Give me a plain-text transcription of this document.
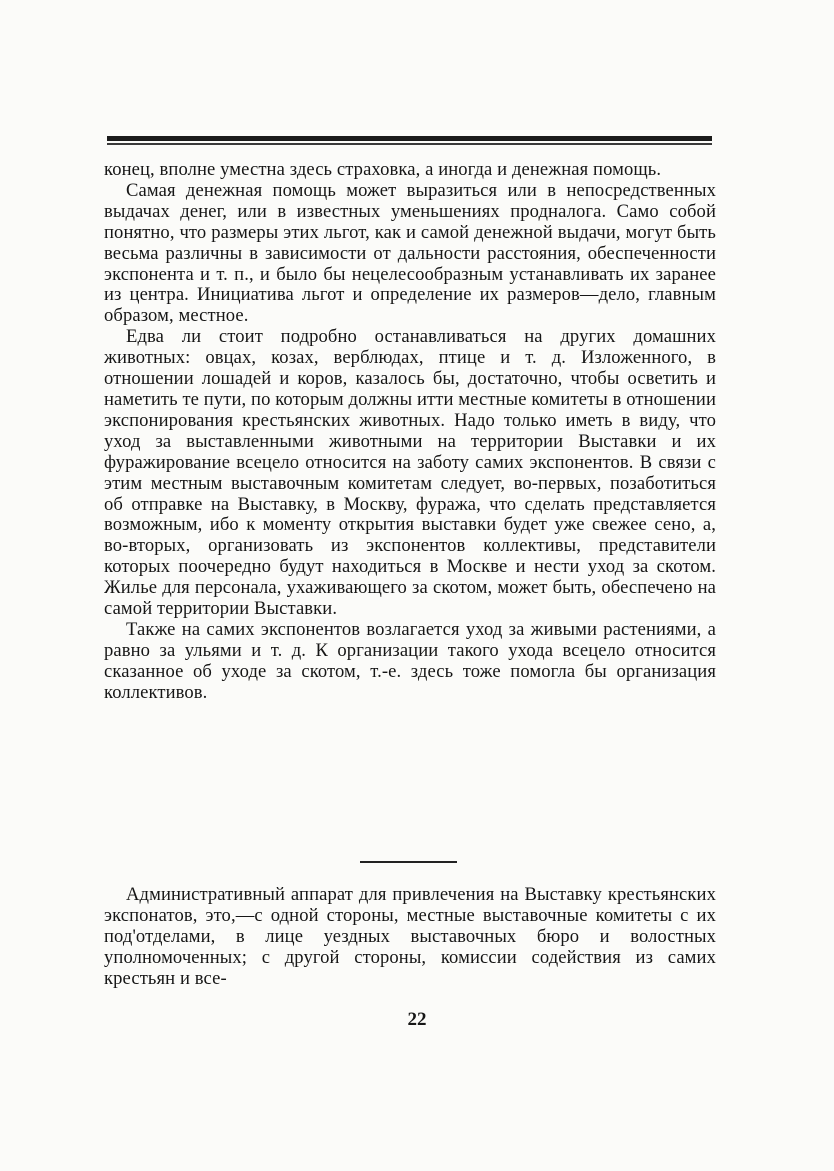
конец, вполне уместна здесь страховка, а иногда и денежная помощь.

Самая денежная помощь может выразиться или в непосредственных выдачах денег, или в известных уменьшениях продналога. Само собой понятно, что размеры этих льгот, как и самой денежной выдачи, могут быть весьма различны в зависимости от дальности расстояния, обеспеченности экспонента и т. п., и было бы нецелесообразным устанавливать их заранее из центра. Инициатива льгот и определение их размеров—дело, главным образом, местное.

Едва ли стоит подробно останавливаться на других домашних животных: овцах, козах, верблюдах, птице и т. д. Изложенного, в отношении лошадей и коров, казалось бы, достаточно, чтобы осветить и наметить те пути, по которым должны итти местные комитеты в отношении экспонирования крестьянских животных. Надо только иметь в виду, что уход за выставленными животными на территории Выставки и их фуражирование всецело относится на заботу самих экспонентов. В связи с этим местным выставочным комитетам следует, во-первых, позаботиться об отправке на Выставку, в Москву, фуража, что сделать представляется возможным, ибо к моменту открытия выставки будет уже свежее сено, а, во-вторых, организовать из экспонентов коллективы, представители которых поочередно будут находиться в Москве и нести уход за скотом. Жилье для персонала, ухаживающего за скотом, может быть, обеспечено на самой территории Выставки.

Также на самих экспонентов возлагается уход за живыми растениями, а равно за ульями и т. д. К организации такого ухода всецело относится сказанное об уходе за скотом, т.-е. здесь тоже помогла бы организация коллективов.

Административный аппарат для привлечения на Выставку крестьянских экспонатов, это,—с одной стороны, местные выставочные комитеты с их под'отделами, в лице уездных выставочных бюро и волостных уполномоченных; с другой стороны, комиссии содействия из самих крестьян и все-

22
